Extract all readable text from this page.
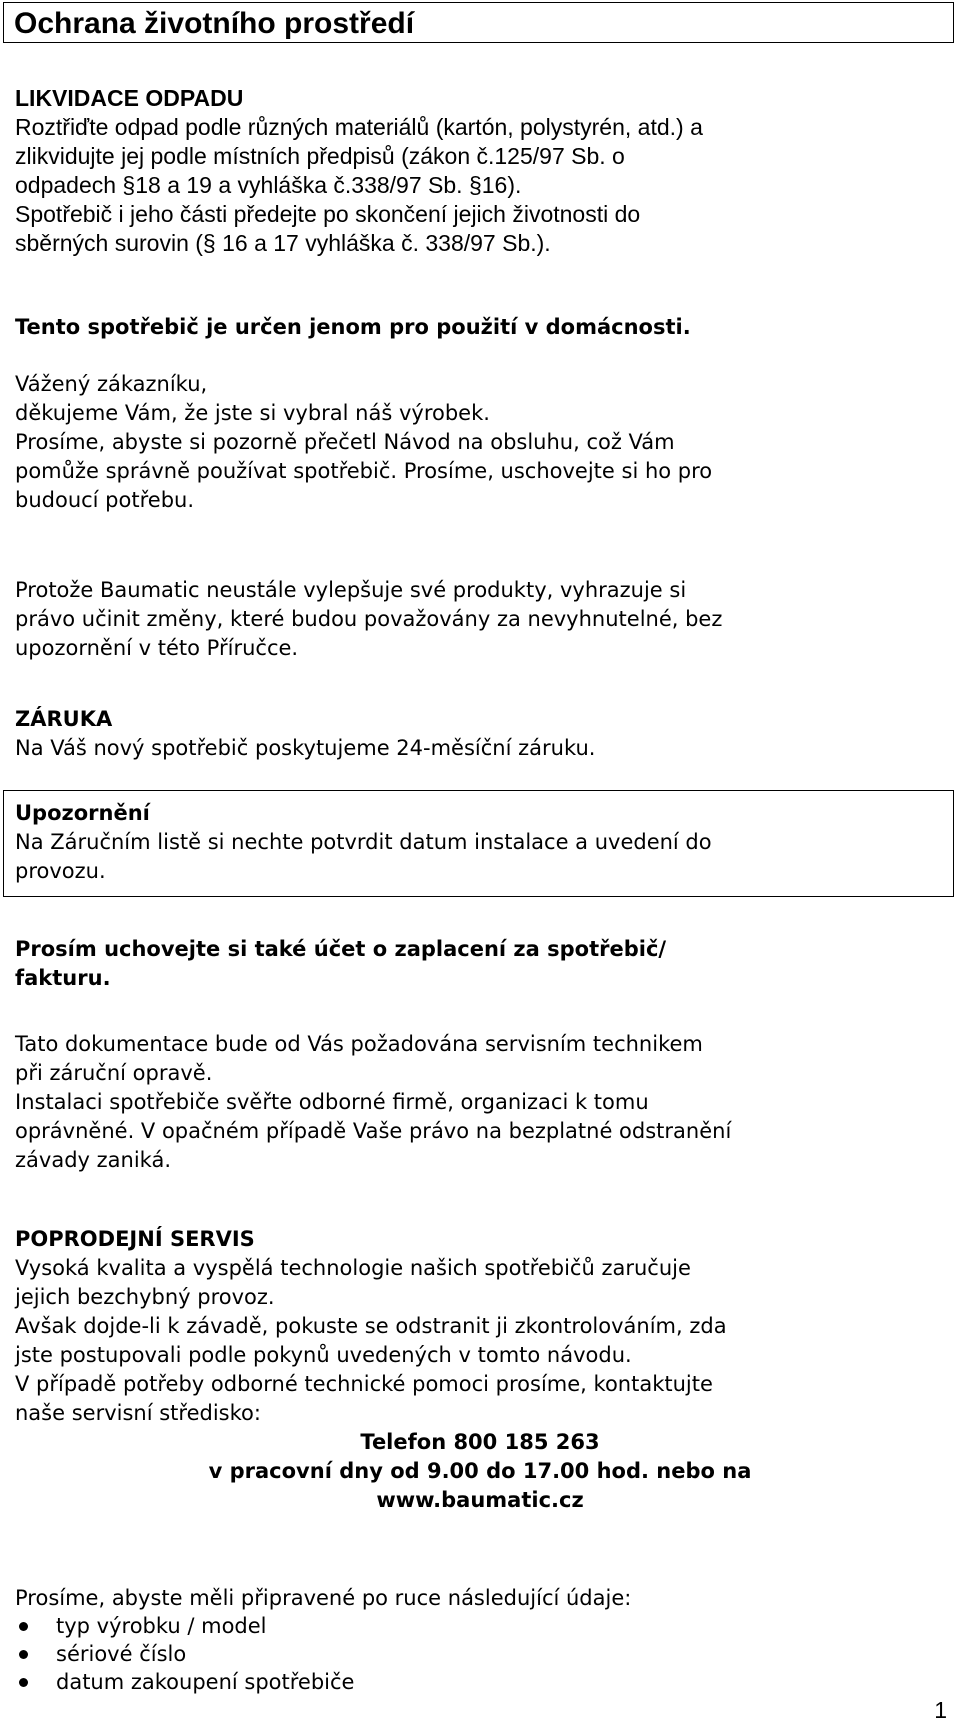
Ochrana životního prostředí
LIKVIDACE ODPADU
Roztřiďte odpad podle různých materiálů (kartón, polystyrén, atd.) a
zlikvidujte jej podle místních předpisů (zákon č.125/97 Sb. o
odpadech §18 a 19 a vyhláška č.338/97 Sb. §16).
Spotřebič i jeho části předejte po skončení jejich životnosti do
sběrných surovin (§ 16 a 17 vyhláška č. 338/97 Sb.).
Tento spotřebič je určen jenom pro použití v domácnosti.
Vážený zákazníku,
děkujeme Vám, že jste si vybral náš výrobek.
Prosíme, abyste si pozorně přečetl Návod na obsluhu, což Vám
pomůže správně používat spotřebič. Prosíme, uschovejte si ho pro
budoucí potřebu.
Protože Baumatic neustále vylepšuje své produkty, vyhrazuje si
právo učinit změny, které budou považovány za nevyhnutelné, bez
upozornění v této Příručce.
ZÁRUKA
Na Váš nový spotřebič poskytujeme 24-měsíční záruku.
Upozornění
Na Záručním listě si nechte potvrdit datum instalace a uvedení do
provozu.
Prosím uchovejte si také účet o zaplacení za spotřebič/
fakturu.
Tato dokumentace bude od Vás požadována servisním technikem
při záruční opravě.
Instalaci spotřebiče svěřte odborné firmě, organizaci k tomu
oprávněné. V opačném případě Vaše právo na bezplatné odstranění
závady zaniká.
POPRODEJNÍ SERVIS
Vysoká kvalita a vyspělá technologie našich spotřebičů zaručuje
jejich bezchybný provoz.
Avšak dojde-li k závadě, pokuste se odstranit ji zkontrolováním, zda
jste postupovali podle pokynů uvedených v tomto návodu.
V případě potřeby odborné technické pomoci prosíme, kontaktujte
naše servisní středisko:
Telefon 800 185 263
v pracovní dny od 9.00 do 17.00 hod. nebo na
www.baumatic.cz
Prosíme, abyste měli připravené po ruce následující údaje:
typ výrobku / model
sériové číslo
datum zakoupení spotřebiče
1
